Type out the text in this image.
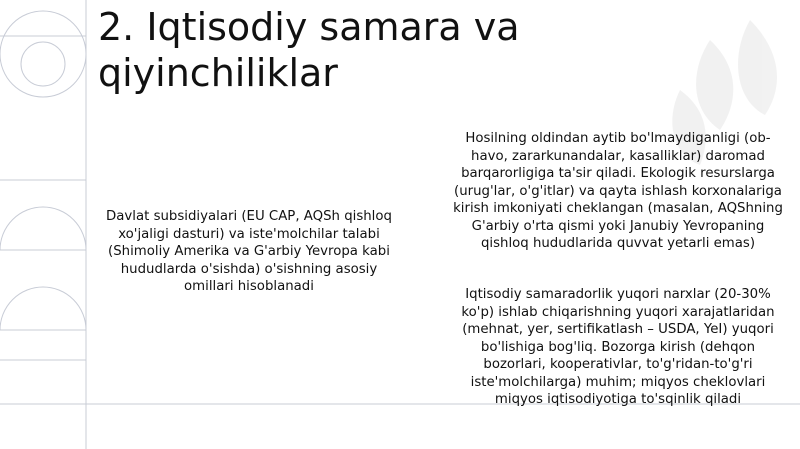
2. Iqtisodiy samara va qiyinchiliklar

Davlat subsidiyalari (EU CAP, AQSh qishloq xo'jaligi dasturi) va iste'molchilar talabi (Shimoliy Amerika va G'arbiy Yevropa kabi hududlarda o'sishda) o'sishning asosiy omillari hisoblanadi

Hosilning oldindan aytib bo'lmaydiganligi (ob-havo, zararkunandalar, kasalliklar) daromad barqarorligiga ta'sir qiladi. Ekologik resurslarga (urug'lar, o'g'itlar) va qayta ishlash korxonalariga kirish imkoniyati cheklangan (masalan, AQShning G'arbiy o'rta qismi yoki Janubiy Yevropaning qishloq hududlarida quvvat yetarli emas)

Iqtisodiy samaradorlik yuqori narxlar (20-30% ko'p) ishlab chiqarishning yuqori xarajatlaridan (mehnat, yer, sertifikatlash – USDA, YeI) yuqori bo'lishiga bog'liq. Bozorga kirish (dehqon bozorlari, kooperativlar, to'g'ridan-to'g'ri iste'molchilarga) muhim; miqyos cheklovlari miqyos iqtisodiyotiga to'sqinlik qiladi
